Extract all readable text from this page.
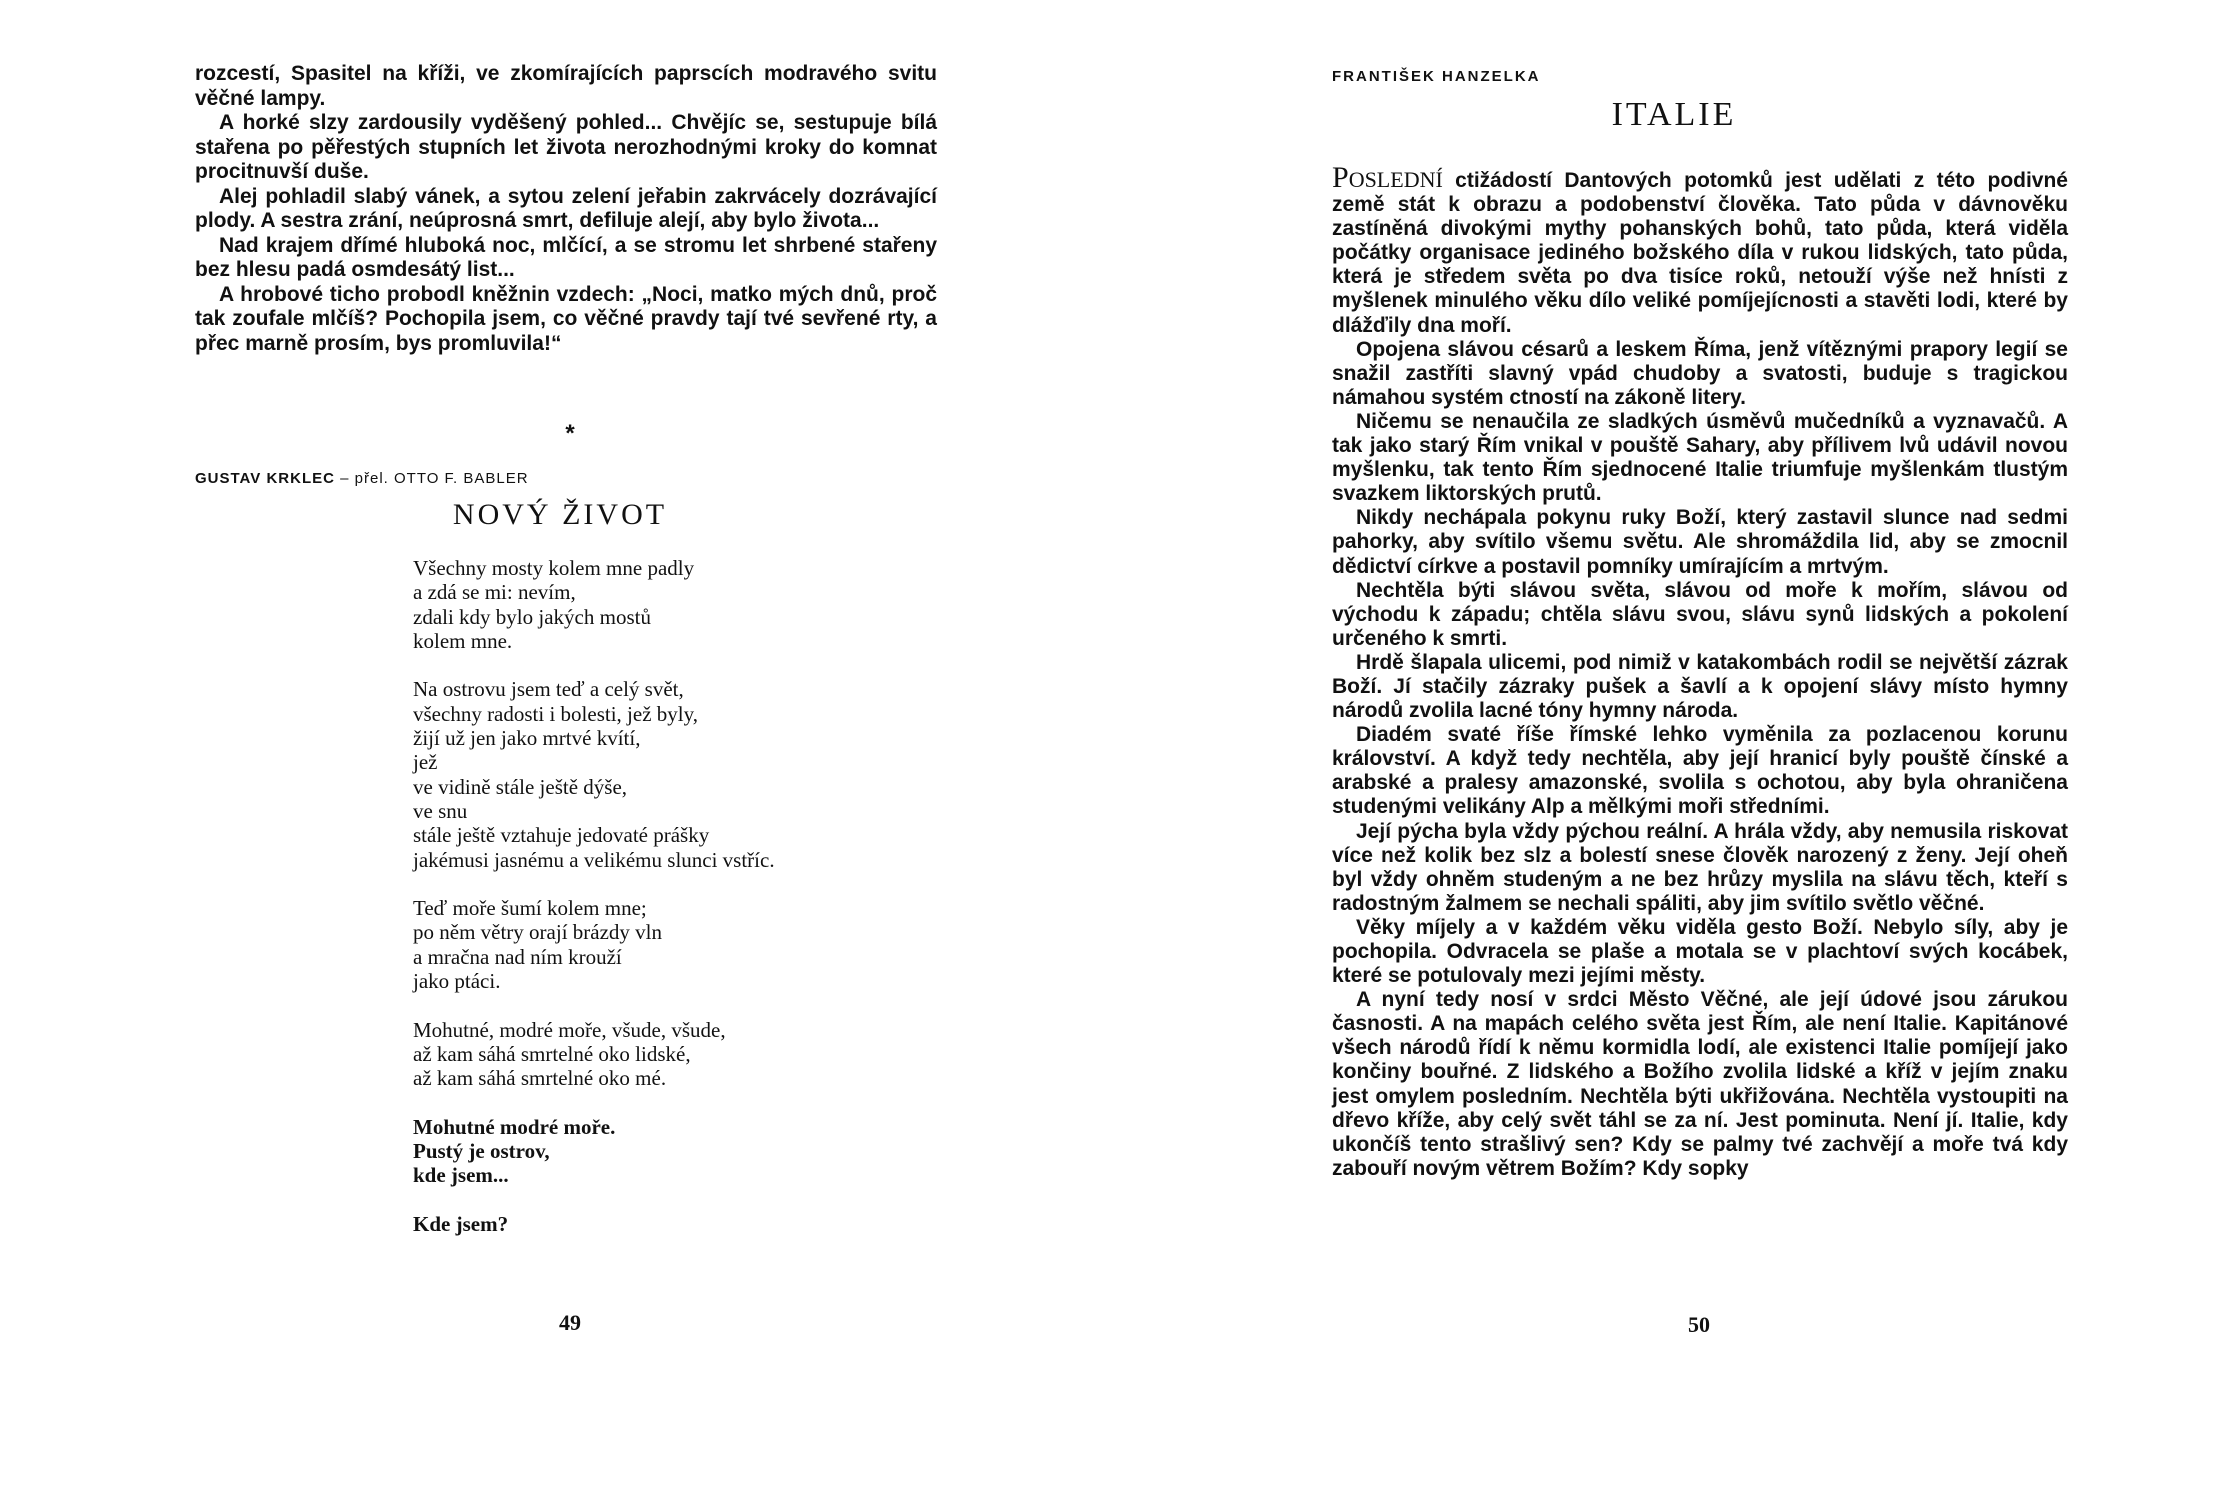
rozcestí, Spasitel na kříži, ve zkomírajících paprscích modravého svitu věčné lampy.

A horké slzy zardousily vyděšený pohled... Chvějíc se, sestupuje bílá stařena po pěřestých stupních let života nerozhodnými kroky do komnat procitnuvší duše.

Alej pohladil slabý vánek, a sytou zelení jeřabin zakrvácely dozrávající plody. A sestra zrání, neúprosná smrt, defiluje alejí, aby bylo života...

Nad krajem dřímé hluboká noc, mlčící, a se stromu let shrbené stařeny bez hlesu padá osmdesátý list...

A hrobové ticho probodl kněžnin vzdech: „Noci, matko mých dnů, proč tak zoufale mlčíš? Pochopila jsem, co věčné pravdy tají tvé sevřené rty, a přec marně prosím, bys promluvila!“

*
GUSTAV KRKLEC – přel. OTTO F. BABLER
NOVÝ ŽIVOT
Všechny mosty kolem mne padly
a zdá se mi: nevím,
zdali kdy bylo jakých mostů
kolem mne.
Na ostrovu jsem teď a celý svět,
všechny radosti i bolesti, jež byly,
žijí už jen jako mrtvé kvítí,
jež
ve vidině stále ještě dýše,
ve snu
stále ještě vztahuje jedovaté prášky
jakémusi jasnému a velikému slunci vstříc.
Teď moře šumí kolem mne;
po něm větry orají brázdy vln
a mračna nad ním krouží
jako ptáci.
Mohutné, modré moře, všude, všude,
až kam sáhá smrtelné oko lidské,
až kam sáhá smrtelné oko mé.
Mohutné modré moře.
Pustý je ostrov,
kde jsem...
Kde jsem?
49
FRANTIŠEK HANZELKA
ITALIE

POSLEDNÍ ctižádostí Dantových potomků jest udělati z této podivné země stát k obrazu a podobenství člověka. Tato půda v dávnověku zastíněná divokými mythy pohanských bohů, tato půda, která viděla počátky organisace jediného božského díla v rukou lidských, tato půda, která je středem světa po dva tisíce roků, netouží výše než hnísti z myšlenek minulého věku dílo veliké pomíjejícnosti a stavěti lodi, které by dlážďily dna moří.

Opojena slávou césarů a leskem Říma, jenž vítěznými prapory legií se snažil zastříti slavný vpád chudoby a svatosti, buduje s tragickou námahou systém ctností na zákoně litery.

Ničemu se nenaučila ze sladkých úsměvů mučedníků a vyznavačů. A tak jako starý Řím vnikal v pouště Sahary, aby přílivem lvů udávil novou myšlenku, tak tento Řím sjednocené Italie triumfuje myšlenkám tlustým svazkem liktorských prutů.

Nikdy nechápala pokynu ruky Boží, který zastavil slunce nad sedmi pahorky, aby svítilo všemu světu. Ale shromáždila lid, aby se zmocnil dědictví církve a postavil pomníky umírajícím a mrtvým.

Nechtěla býti slávou světa, slávou od moře k mořím, slávou od východu k západu; chtěla slávu svou, slávu synů lidských a pokolení určeného k smrti.

Hrdě šlapala ulicemi, pod nimiž v katakombách rodil se největší zázrak Boží. Jí stačily zázraky pušek a šavlí a k opojení slávy místo hymny národů zvolila lacné tóny hymny národa.

Diadém svaté říše římské lehko vyměnila za pozlacenou korunu království. A když tedy nechtěla, aby její hranicí byly pouště čínské a arabské a pralesy amazonské, svolila s ochotou, aby byla ohraničena studenými velikány Alp a mělkými moři středními.

Její pýcha byla vždy pýchou reální. A hrála vždy, aby nemusila riskovat více než kolik bez slz a bolestí snese člověk narozený z ženy. Její oheň byl vždy ohněm studeným a ne bez hrůzy myslila na slávu těch, kteří s radostným žalmem se nechali spáliti, aby jim svítilo světlo věčné.

Věky míjely a v každém věku viděla gesto Boží. Nebylo síly, aby je pochopila. Odvracela se plaše a motala se v plachtoví svých kocábek, které se potulovaly mezi jejími městy.

A nyní tedy nosí v srdci Město Věčné, ale její údové jsou zárukou časnosti. A na mapách celého světa jest Řím, ale není Italie. Kapitánové všech národů řídí k němu kormidla lodí, ale existenci Italie pomíjejí jako končiny bouřné. Z lidského a Božího zvolila lidské a kříž v jejím znaku jest omylem posledním. Nechtěla býti ukřižována. Nechtěla vystoupiti na dřevo kříže, aby celý svět táhl se za ní. Jest pominuta. Není jí. Italie, kdy ukončíš tento strašlivý sen? Kdy se palmy tvé zachvějí a moře tvá kdy zabouří novým větrem Božím? Kdy sopky

50
